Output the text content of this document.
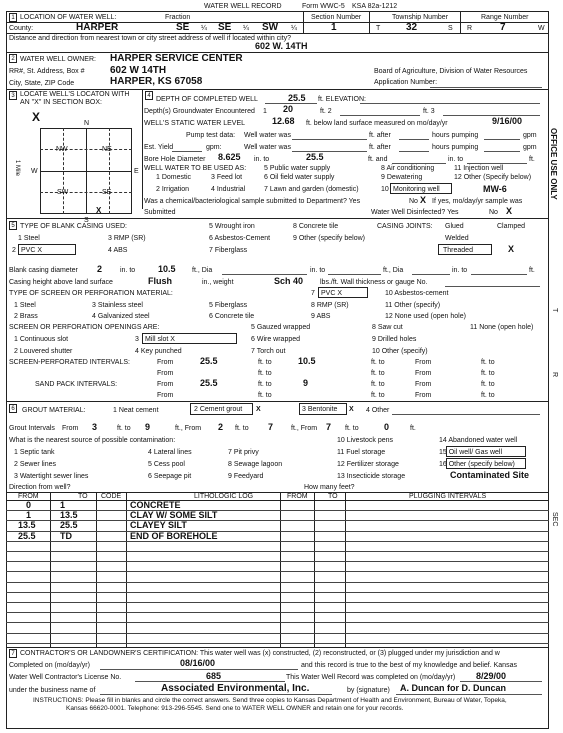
WATER WELL RECORD	Form WWC-5 KSA 82a-1212
1 LOCATION OF WATER WELL:	Fraction	Section Number	Township Number	Range Number
County:	HARPER	SE ¼ SE ¼ SW ¼	1	T	32	S R	7	W
Distance and direction from nearest town or city street address of well if located within city?
602 W. 14TH
2 WATER WELL OWNER: HARPER SERVICE CENTER
RR#, St. Address, Box #	602 W 14TH
City, State, ZIP Code	HARPER, KS 67058
Board of Agriculture, Division of Water Resources
Application Number:
3 LOCATE WELL'S LOCATON WITH
AN "X" IN SECTION BOX:
X	N
S
W	E
1 Mile
NW	NE
SW	SE
X
4 DEPTH OF COMPLETED WELL	25.5 ft. ELEVATION:
Depth(s) Groundwater Encountered 1 20	ft. 2	ft. 3
WELL'S STATIC WATER LEVEL	12.68 ft. below land surface measured on mo/day/yr	9/16/00
Pump test data: Well water was	ft. after	hours pumping	gpm
Est. Yield	gpm:	Well water was	ft. after	hours pumping	gpm
Bore Hole Diameter 8.625 in. to	25.5	ft. and	in. to	ft.
WELL WATER TO BE USED AS:
1 Domestic
2 Irrigation
3 Feed lot
4 Industrial
5 Public water supply
6 Oil field water supply
7 Lawn and garden (domestic)
8 Air conditioning
9 Dewatering
10 Monitoring well
11 Injection well
12 Other (Specify below)
MW-6
Was a chemical/bacteriological sample submitted to Department? Yes	No X If yes, mo/day/yr sample was
Submitted	Water Well Disinfected? Yes	No X
5 TYPE OF BLANK CASING USED:
1 Steel
2 PVC X
3 RMP (SR)
4 ABS
5 Wrought iron
6 Asbestos-Cement
7 Fiberglass
8 Concrete tile
9 Other (specify below)
CASING JOINTS: Glued	Clamped
Welded
Threaded	X
Blank casing diameter 2	in. to	10.5 ft., Dia	in. to	ft., Dia	in. to	ft.
Casing height above land surface	Flush	in., weight	Sch 40 lbs./ft. Wall thickness or gauge No.
TYPE OF SCREEN OR PERFORATION MATERIAL:
1 Steel
2 Brass
3 Stainless steel
4 Galvanized steel
5 Fiberglass
6 Concrete tile
7 PVC X
8 RMP (SR)
9 ABS
10 Asbestos-cement
11 Other (specify)
12 None used (open hole)
SCREEN OR PERFORATION OPENINGS ARE:
1 Continuous slot
2 Louvered shutter
3 Mill slot X
4 Key punched
5 Gauzed wrapped
6 Wire wrapped
7 Torch out
8 Saw cut
9 Drilled holes
10 Other (specify)
11 None (open hole)
SCREEN-PERFORATED INTERVALS:	From	25.5	ft. to	10.5	ft. to	From	ft. to
From	ft. to	ft. to	From	ft. to
SAND PACK INTERVALS:	From	25.5	ft. to	9	ft. to	From	ft. to
From	ft. to	ft. to	From	ft. to
6	GROUT MATERIAL:	1 Neat cement	2 Cement grout X	3 Bentonite X 4 Other
Grout Intervals From 3	ft. to 9	ft., From 2 ft. to 7	ft., From 7 ft. to	0	ft.
What is the nearest source of possible contamination:
1 Septic tank
2 Sewer lines
3 Watertight sewer lines
4 Lateral lines
5 Cess pool
6 Seepage pit
7 Pit privy
8 Sewage lagoon
9 Feedyard
10 Livestock pens
11 Fuel storage
12 Fertilizer storage
13 Insecticide storage
14 Abandoned water well
15 Oil well/ Gas well
16 Other (specify below)
Contaminated Site
Direction from well?	How many feet?
FROM	TO CODE	LITHOLOGIC LOG	FROM	TO	PLUGGING INTERVALS
0	1	CONCRETE
1	13.5	CLAY W/ SOME SILT
13.5	25.5	CLAYEY SILT
25.5	TD	END OF BOREHOLE
7 CONTRACTOR'S OR LANDOWNER'S CERTIFICATION: This water well was (x) constructed, (2) reconstructed, or (3) plugged under my jurisdiction and w
Completed on (mo/day/yr)	08/16/00	and this record is true to the best of my knowledge and belief. Kansas
Water Well Contractor's License No.	685	This Water Well Record was completed on (mo/day/yr) 8/29/00
under the business name of	Associated Environmental, Inc.	by (signature) A. Duncan for D. Duncan
INSTRUCTIONS: Please fill in blanks and circle the correct answers. Send three copies to Kansas Department of Health and Environment, Bureau of Water, Topeka,
Kansas 66620-0001. Telephone: 913-296-5545. Send one to WATER WELL OWNER and retain one for your records.
OFFICE USE ONLY
T
R
SEC
